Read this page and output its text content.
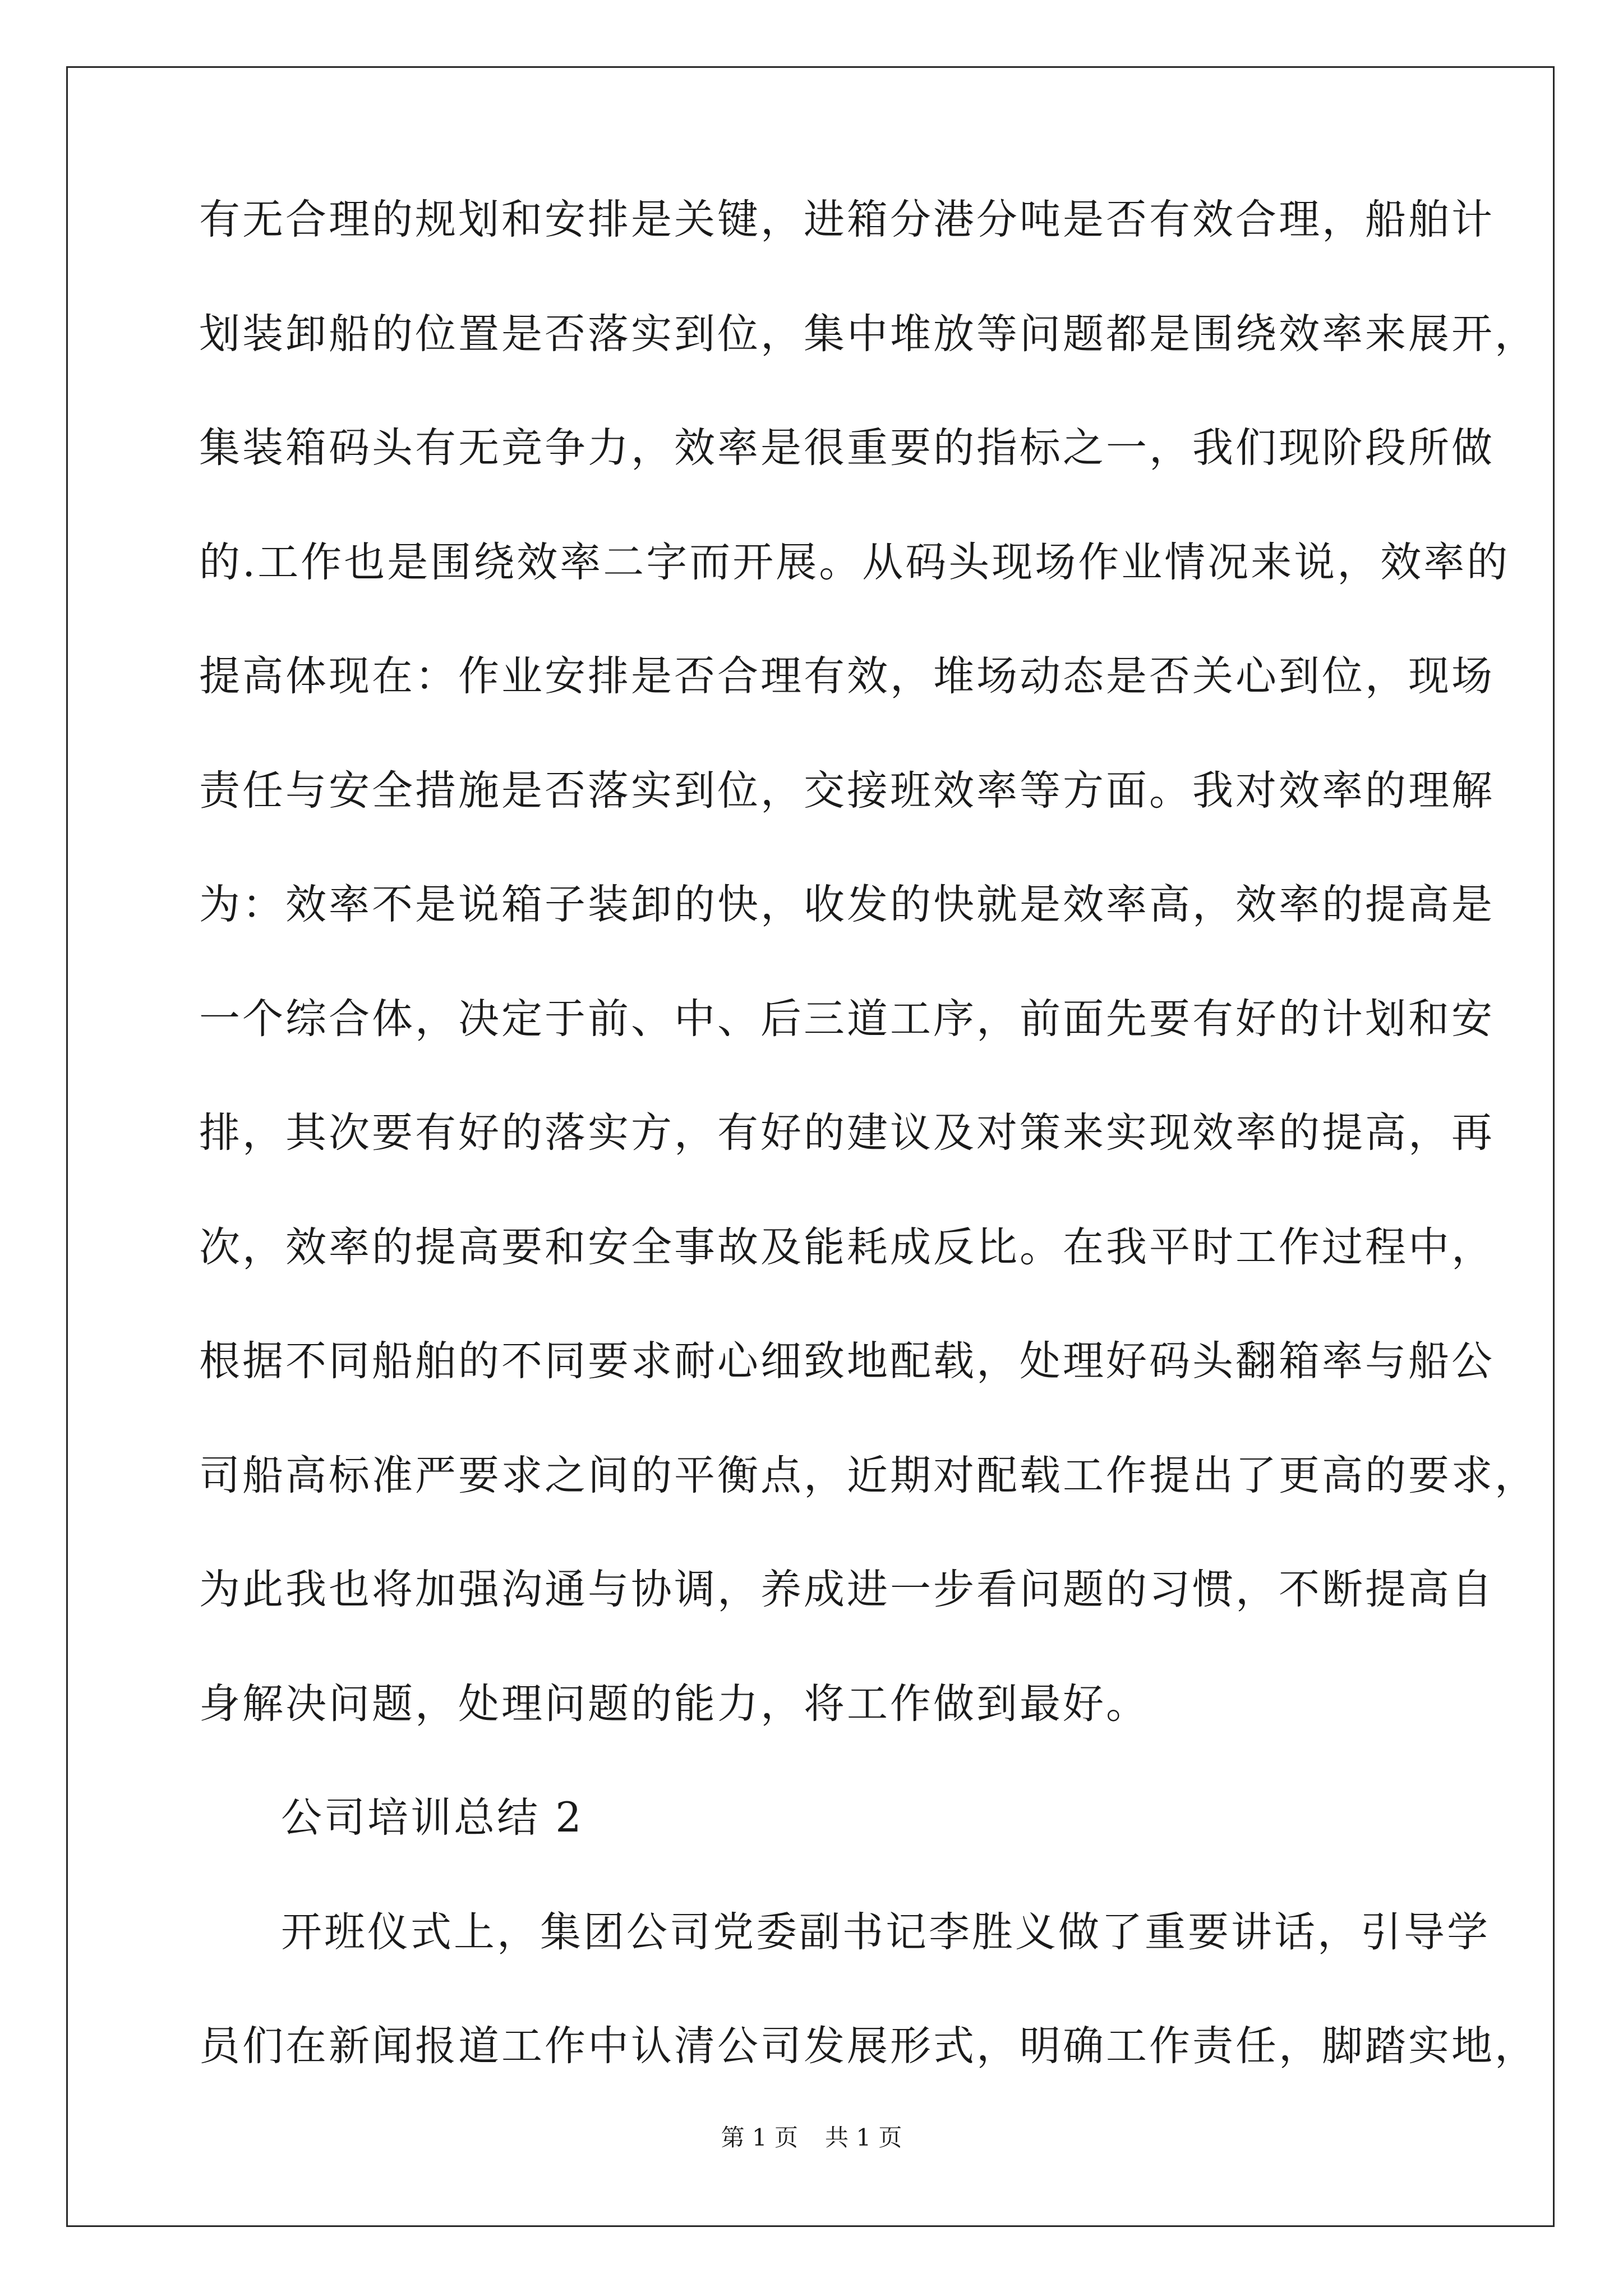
有无合理的规划和安排是关键，进箱分港分吨是否有效合理，船舶计
划装卸船的位置是否落实到位，集中堆放等问题都是围绕效率来展开，
集装箱码头有无竞争力，效率是很重要的指标之一，我们现阶段所做
的.工作也是围绕效率二字而开展。从码头现场作业情况来说，效率的
提高体现在：作业安排是否合理有效，堆场动态是否关心到位，现场
责任与安全措施是否落实到位，交接班效率等方面。我对效率的理解
为：效率不是说箱子装卸的快，收发的快就是效率高，效率的提高是
一个综合体，决定于前、中、后三道工序，前面先要有好的计划和安
排，其次要有好的落实方，有好的建议及对策来实现效率的提高，再
次，效率的提高要和安全事故及能耗成反比。在我平时工作过程中，
根据不同船舶的不同要求耐心细致地配载，处理好码头翻箱率与船公
司船高标准严要求之间的平衡点，近期对配载工作提出了更高的要求，
为此我也将加强沟通与协调，养成进一步看问题的习惯，不断提高自
身解决问题，处理问题的能力，将工作做到最好。
公司培训总结 2
开班仪式上，集团公司党委副书记李胜义做了重要讲话，引导学
员们在新闻报道工作中认清公司发展形式，明确工作责任，脚踏实地，
第 1 页 共 1 页
